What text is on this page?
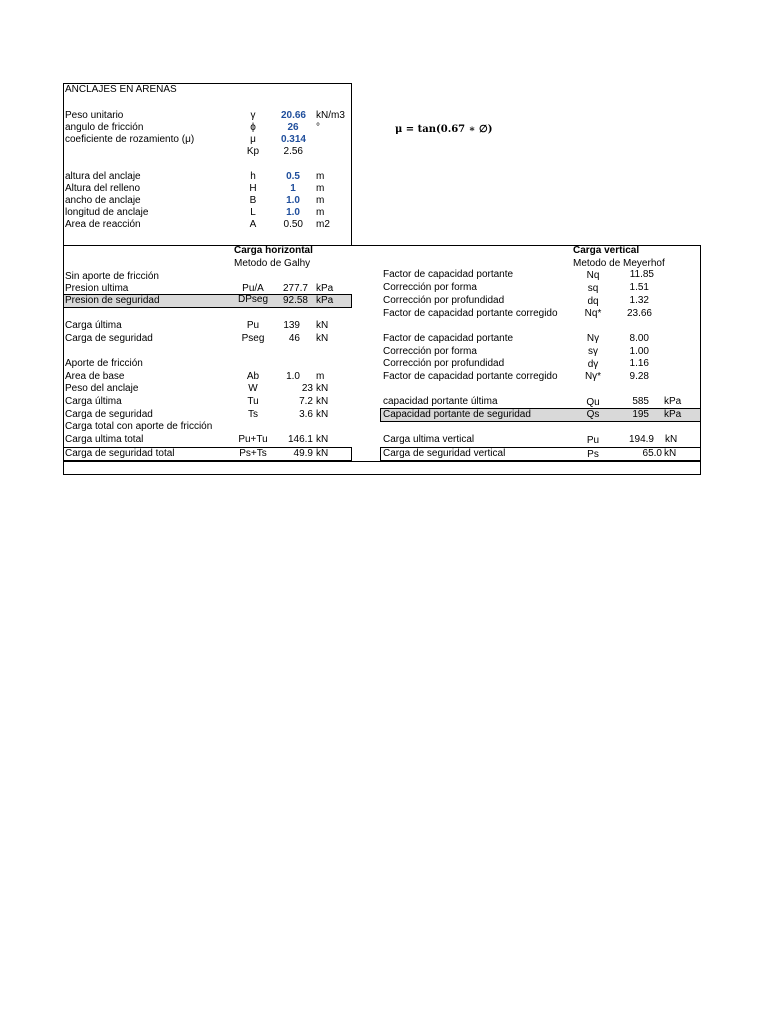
ANCLAJES EN ARENAS
Peso unitario	γ	20.66 kN/m3
angulo de fricción	ϕ	26	°
coeficiente de rozamiento (μ)	μ	0.314
Kp	2.56
altura del anclaje	h	0.5 m
Altura del relleno	H	1	m
ancho de anclaje	B	1.0 m
longitud de anclaje	L	1.0 m
Area de reacción	A	0.50 m2
μ = tan(0.67 ∗ ∅)
Carga horizontal
Metodo de Galhy
Sin aporte de fricción
Presion ultima	Pu/A	277.7 kPa
Presion de seguridad	DPseg	92.58 kPa
Carga última	Pu	139 kN
Carga de seguridad	Pseg	46 kN
Aporte de fricción
Area de base	Ab	1.0 m
Peso del anclaje	W	23 kN
Carga última	Tu	7.2 kN
Carga de seguridad	Ts	3.6 kN
Carga total con aporte de fricción
Carga ultima total	Pu+Tu	146.1 kN
Carga de seguridad total	Ps+Ts	49.9 kN
Carga vertical
Metodo de Meyerhof
Factor de capacidad portante	Nq	11.85
Corrección por forma	sq	1.51
Corrección por profundidad	dq	1.32
Factor de capacidad portante corregido	Nq*	23.66
Factor de capacidad portante	Nγ	8.00
Corrección por forma	sγ	1.00
Corrección por profundidad	dγ	1.16
Factor de capacidad portante corregido	Nγ*	9.28
capacidad portante última	Qu	585 kPa
Capacidad portante de seguridad	Qs	195 kPa
Carga ultima vertical	Pu	194.9 kN
Carga de seguridad vertical	Ps	65.0 kN
